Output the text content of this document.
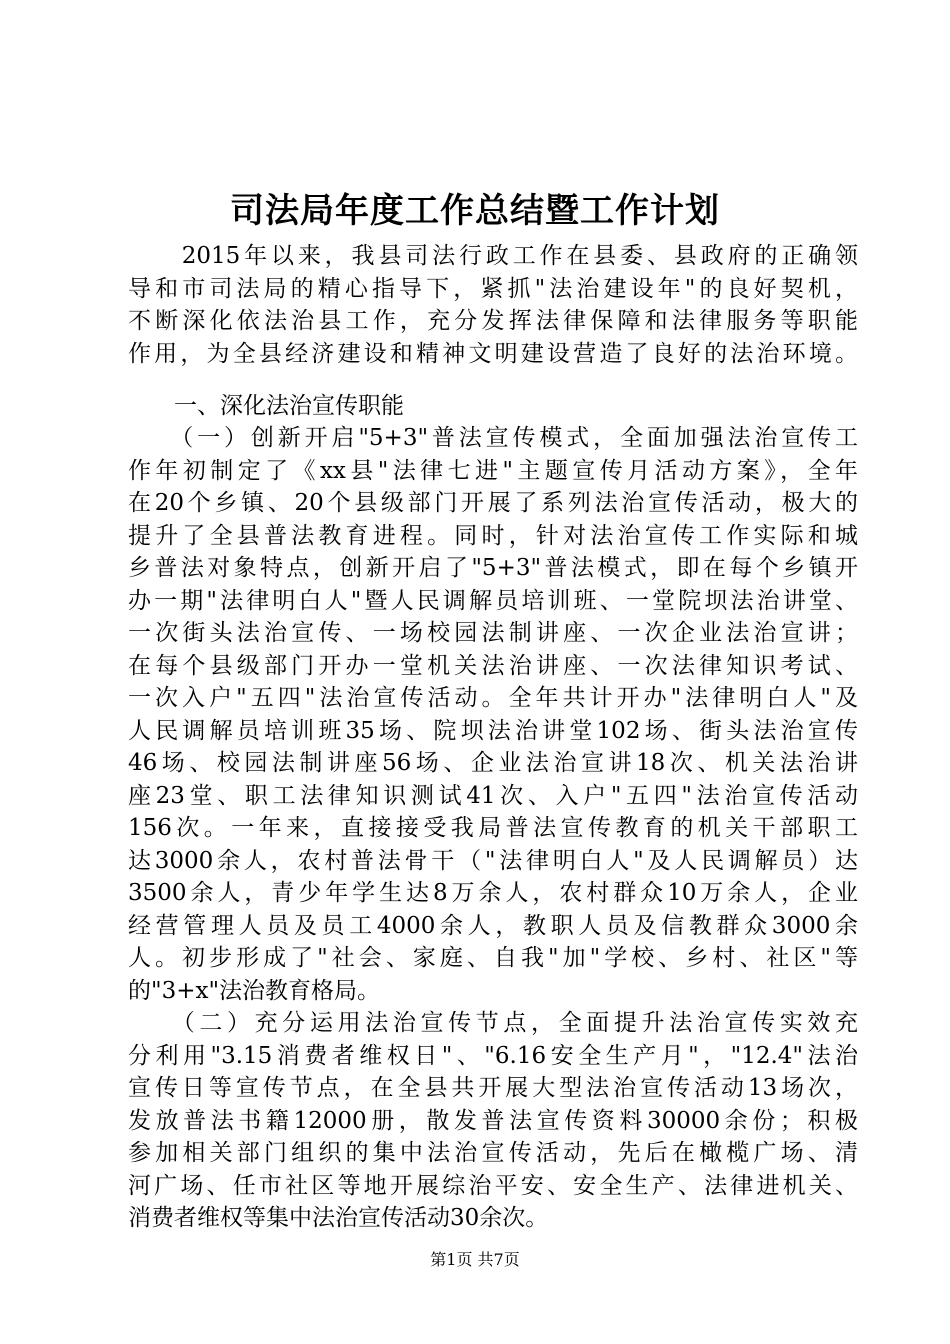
司法局年度工作总结暨工作计划
　　2015年以来，我县司法行政工作在县委、县政府的正确领
导和市司法局的精心指导下，紧抓"法治建设年"的良好契机，
不断深化依法治县工作，充分发挥法律保障和法律服务等职能
作用，为全县经济建设和精神文明建设营造了良好的法治环境。
　　一、深化法治宣传职能
　　（一）创新开启"5+3"普法宣传模式，全面加强法治宣传工
作年初制定了《xx县"法律七进"主题宣传月活动方案》，全年
在20个乡镇、20个县级部门开展了系列法治宣传活动，极大的
提升了全县普法教育进程。同时，针对法治宣传工作实际和城
乡普法对象特点，创新开启了"5+3"普法模式，即在每个乡镇开
办一期"法律明白人"暨人民调解员培训班、一堂院坝法治讲堂、
一次街头法治宣传、一场校园法制讲座、一次企业法治宣讲；
在每个县级部门开办一堂机关法治讲座、一次法律知识考试、
一次入户"五四"法治宣传活动。全年共计开办"法律明白人"及
人民调解员培训班35场、院坝法治讲堂102场、街头法治宣传
46场、校园法制讲座56场、企业法治宣讲18次、机关法治讲
座23堂、职工法律知识测试41次、入户"五四"法治宣传活动
156次。一年来，直接接受我局普法宣传教育的机关干部职工
达3000余人，农村普法骨干（"法律明白人"及人民调解员）达
3500余人，青少年学生达8万余人，农村群众10万余人，企业
经营管理人员及员工4000余人，教职人员及信教群众3000余
人。初步形成了"社会、家庭、自我"加"学校、乡村、社区"等
的"3+x"法治教育格局。
　　（二）充分运用法治宣传节点，全面提升法治宣传实效充
分利用"3.15消费者维权日"、"6.16安全生产月"，"12.4"法治
宣传日等宣传节点，在全县共开展大型法治宣传活动13场次，
发放普法书籍12000册，散发普法宣传资料30000余份；积极
参加相关部门组织的集中法治宣传活动，先后在橄榄广场、清
河广场、任市社区等地开展综治平安、安全生产、法律进机关、
消费者维权等集中法治宣传活动30余次。
第1页 共7页
